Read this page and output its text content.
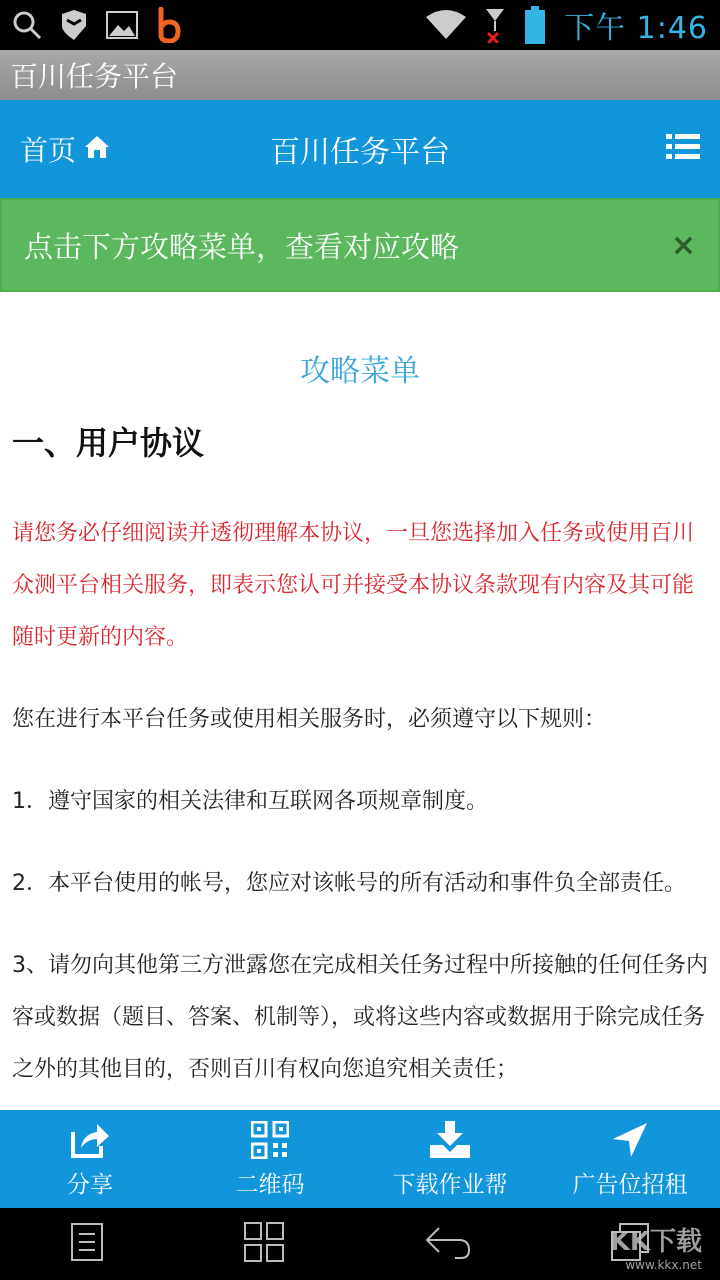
下午 1:46
百川任务平台
百川任务平台
首页
点击下方攻略菜单，查看对应攻略	×
攻略菜单
一、用户协议

请您务必仔细阅读并透彻理解本协议，一旦您选择加入任务或使用百川众测平台相关服务，即表示您认可并接受本协议条款现有内容及其可能随时更新的内容。

您在进行本平台任务或使用相关服务时，必须遵守以下规则：

1．遵守国家的相关法律和互联网各项规章制度。

2．本平台使用的帐号，您应对该帐号的所有活动和事件负全部责任。

3、请勿向其他第三方泄露您在完成相关任务过程中所接触的任何任务内容或数据（题目、答案、机制等），或将这些内容或数据用于除完成任务之外的其他目的，否则百川有权向您追究相关责任；

分享	二维码	下载作业帮	广告位招租
KK下载
www.kkx.net
